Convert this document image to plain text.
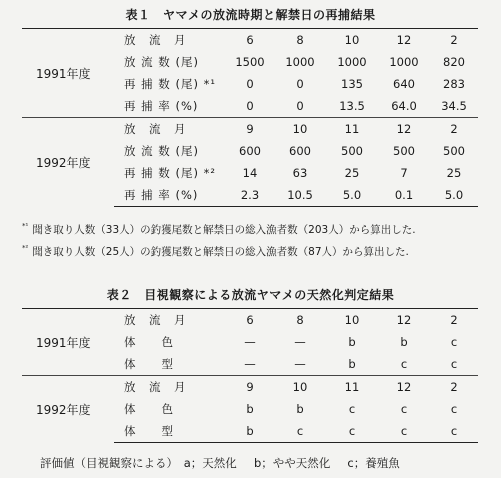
表１　ヤマメの放流時期と解禁日の再捕結果
1991年度	放　流　月	6	8	10	12	2
	放 流 数 (尾)	1500	1000	1000	1000	820
	再 捕 数 (尾) *¹	0	0	135	640	283
	再 捕 率 (%)	0	0	13.5	64.0	34.5
1992年度	放　流　月	9	10	11	12	2
	放 流 数 (尾)	600	600	500	500	500
	再 捕 数 (尾) *²	14	63	25	7	25
	再 捕 率 (%)	2.3	10.5	5.0	0.1	5.0
$^{*^1}$ 聞き取り人数（33人）の釣獲尾数と解禁日の総入漁者数（203人）から算出した.
$^{*^2}$ 聞き取り人数（25人）の釣獲尾数と解禁日の総入漁者数（87人）から算出した.
表２　目視観察による放流ヤマメの天然化判定結果
1991年度	放　流　月	6	8	10	12	2
	体　　色	—	—	b	b	c
	体　　型	—	—	b	c	c
1992年度	放　流　月	9	10	11	12	2
	体　　色	b	b	c	c	c
	体　　型	b	c	c	c	c
評価値（目視観察による）　a；天然化　 b；やや天然化　 c；養殖魚
